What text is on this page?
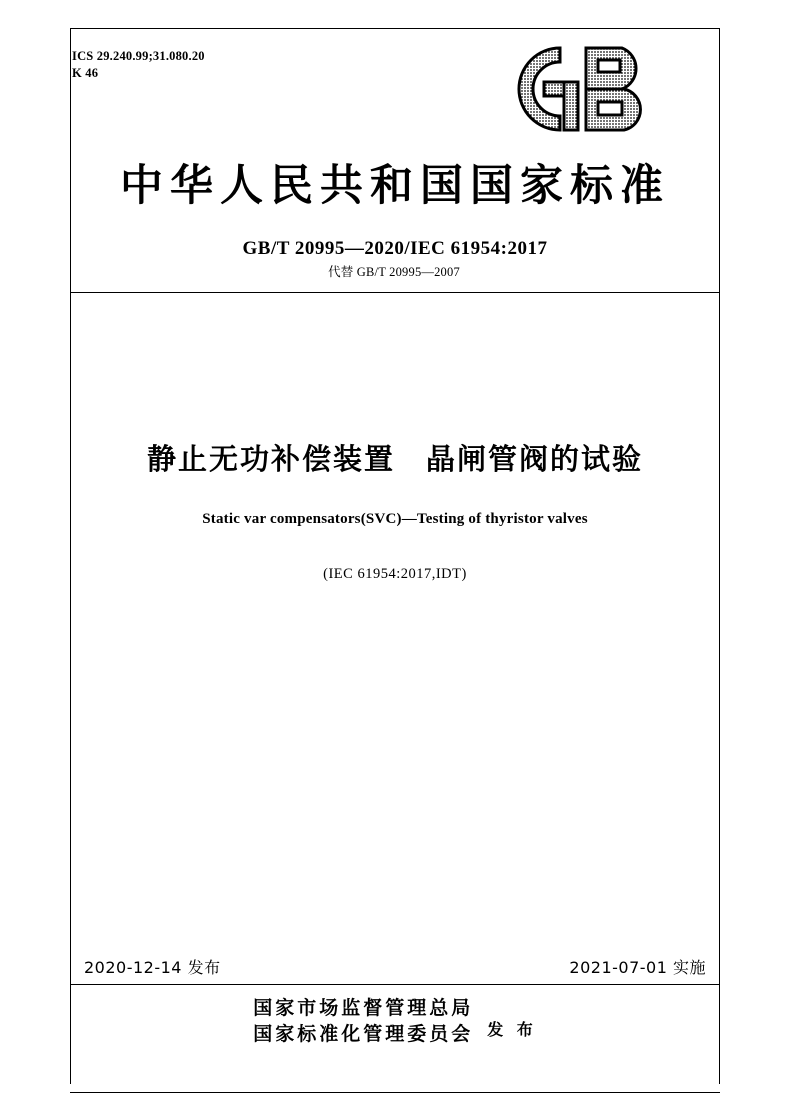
ICS 29.240.99;31.080.20
K 46
中华人民共和国国家标准
GB/T 20995—2020/IEC 61954:2017
代替 GB/T 20995—2007
静止无功补偿装置　晶闸管阀的试验
Static var compensators(SVC)—Testing of thyristor valves
(IEC 61954:2017,IDT)
2020-12-14 发布	2021-07-01 实施
国家市场监督管理总局
国家标准化管理委员会 发 布
